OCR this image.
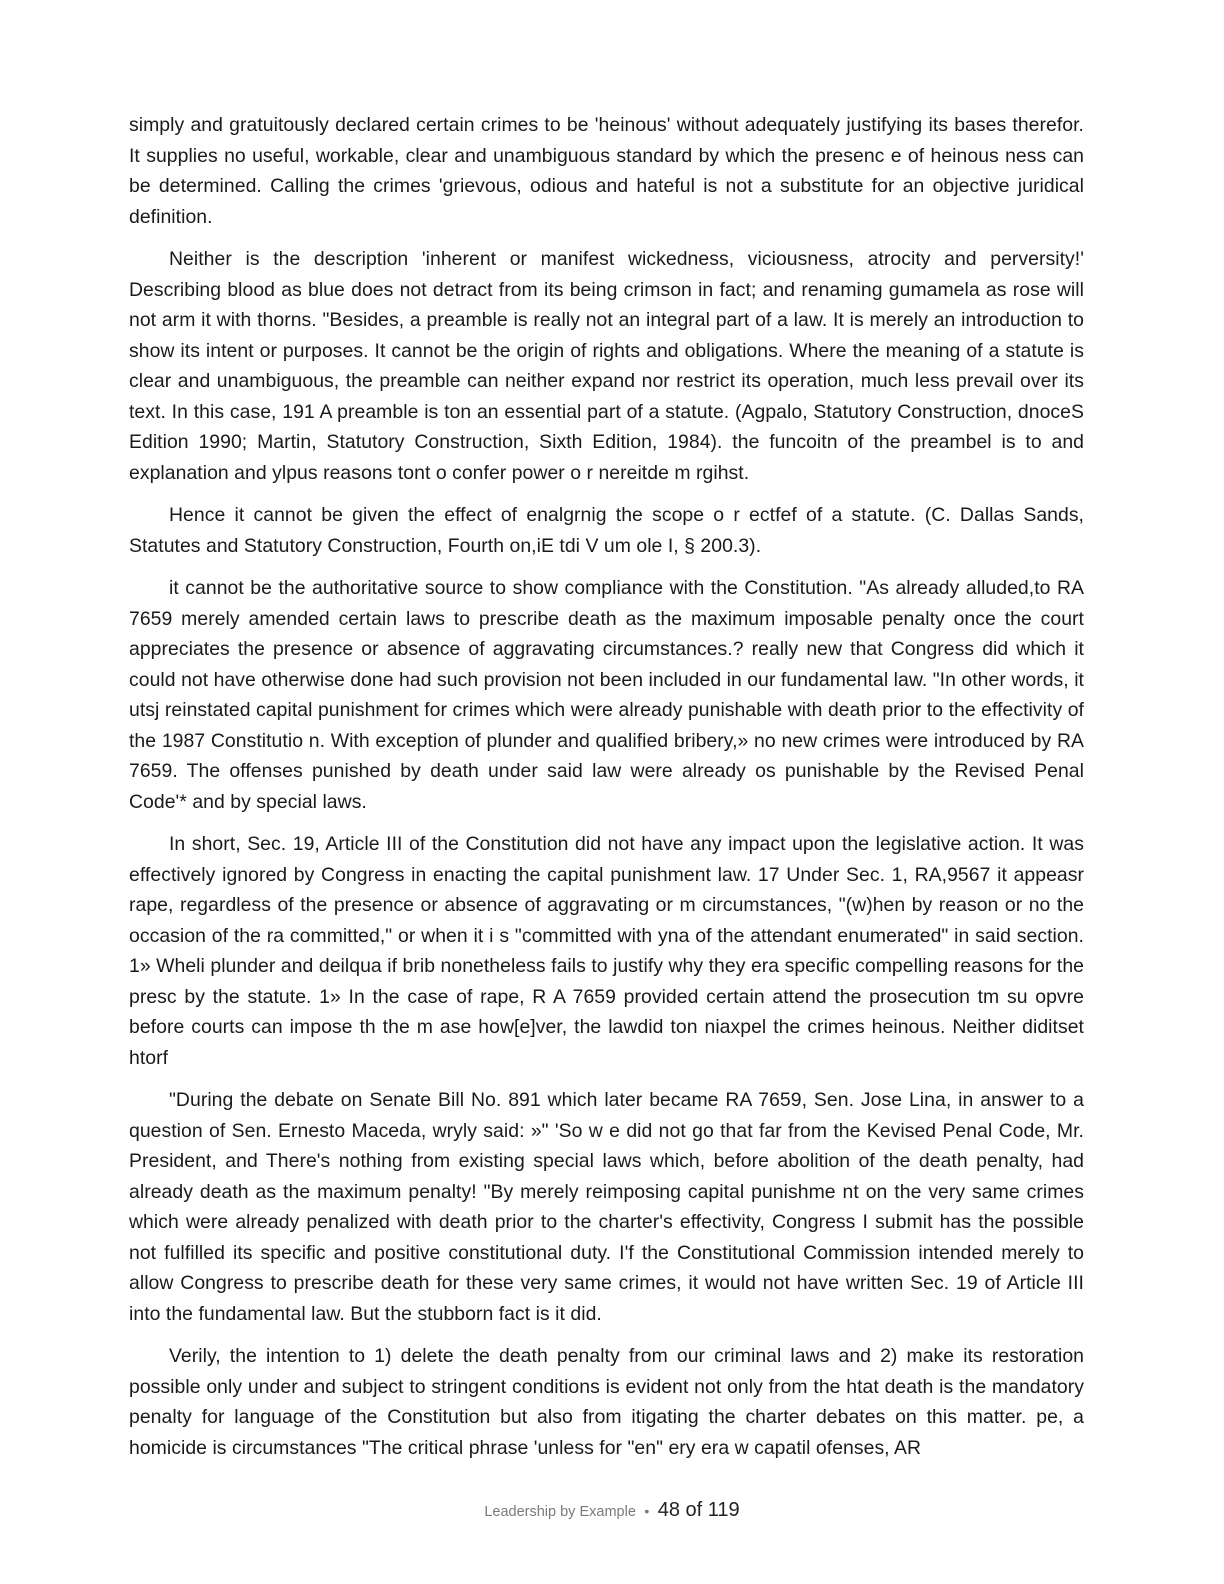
simply and gratuitously declared certain crimes to be 'heinous' without adequately justifying its bases therefor. It supplies no useful, workable, clear and unambiguous standard by which the presenc e of heinous ness can be determined. Calling the crimes 'grievous, odious and hateful is not a substitute for an objective juridical definition.

Neither is the description 'inherent or manifest wickedness, viciousness, atrocity and perversity!' Describing blood as blue does not detract from its being crimson in fact; and renaming gumamela as rose will not arm it with thorns. "Besides, a preamble is really not an integral part of a law. It is merely an introduction to show its intent or purposes. It cannot be the origin of rights and obligations. Where the meaning of a statute is clear and unambiguous, the preamble can neither expand nor restrict its operation, much less prevail over its text. In this case, 191 A preamble is ton an essential part of a statute. (Agpalo, Statutory Construction, dnoceS Edition 1990; Martin, Statutory Construction, Sixth Edition, 1984). the funcoitn of the preambel is to and explanation and ylpus reasons tont o confer power o r nereitde m rgihst.

Hence it cannot be given the effect of enalgrnig the scope o r ectfef of a statute. (C. Dallas Sands, Statutes and Statutory Construction, Fourth on,iE tdi V um ole I, § 200.3).

it cannot be the authoritative source to show compliance with the Constitution. "As already alluded,to RA 7659 merely amended certain laws to prescribe death as the maximum imposable penalty once the court appreciates the presence or absence of aggravating circumstances.? really new that Congress did which it could not have otherwise done had such provision not been included in our fundamental law. "In other words, it utsj reinstated capital punishment for crimes which were already punishable with death prior to the effectivity of the 1987 Constitutio n. With exception of plunder and qualified bribery,» no new crimes were introduced by RA 7659. The offenses punished by death under said law were already os punishable by the Revised Penal Code'* and by special laws.

In short, Sec. 19, Article III of the Constitution did not have any impact upon the legislative action. It was effectively ignored by Congress in enacting the capital punishment law. 17 Under Sec. 1, RA,9567 it appeasr rape, regardless of the presence or absence of aggravating or m circumstances, "(w)hen by reason or no the occasion of the ra committed," or when it i s "committed with yna of the attendant enumerated" in said section. 1» Wheli plunder and deilqua if brib nonetheless fails to justify why they era specific compelling reasons for the presc by the statute. 1» In the case of rape, R A 7659 provided certain attend the prosecution tm su opvre before courts can impose th the m ase how[e]ver, the lawdid ton niaxpel the crimes heinous. Neither diditset htorf

"During the debate on Senate Bill No. 891 which later became RA 7659, Sen. Jose Lina, in answer to a question of Sen. Ernesto Maceda, wryly said: »" 'So w e did not go that far from the Kevised Penal Code, Mr. President, and There's nothing from existing special laws which, before abolition of the death penalty, had already death as the maximum penalty! "By merely reimposing capital punishme nt on the very same crimes which were already penalized with death prior to the charter's effectivity, Congress I submit has the possible not fulfilled its specific and positive constitutional duty. I'f the Constitutional Commission intended merely to allow Congress to prescribe death for these very same crimes, it would not have written Sec. 19 of Article III into the fundamental law. But the stubborn fact is it did.

Verily, the intention to 1) delete the death penalty from our criminal laws and 2) make its restoration possible only under and subject to stringent conditions is evident not only from the htat death is the mandatory penalty for language of the Constitution but also from itigating the charter debates on this matter. pe, a homicide is circumstances "The critical phrase 'unless for "en" ery era w capatil ofenses, AR

Leadership by Example • 48 of 119
